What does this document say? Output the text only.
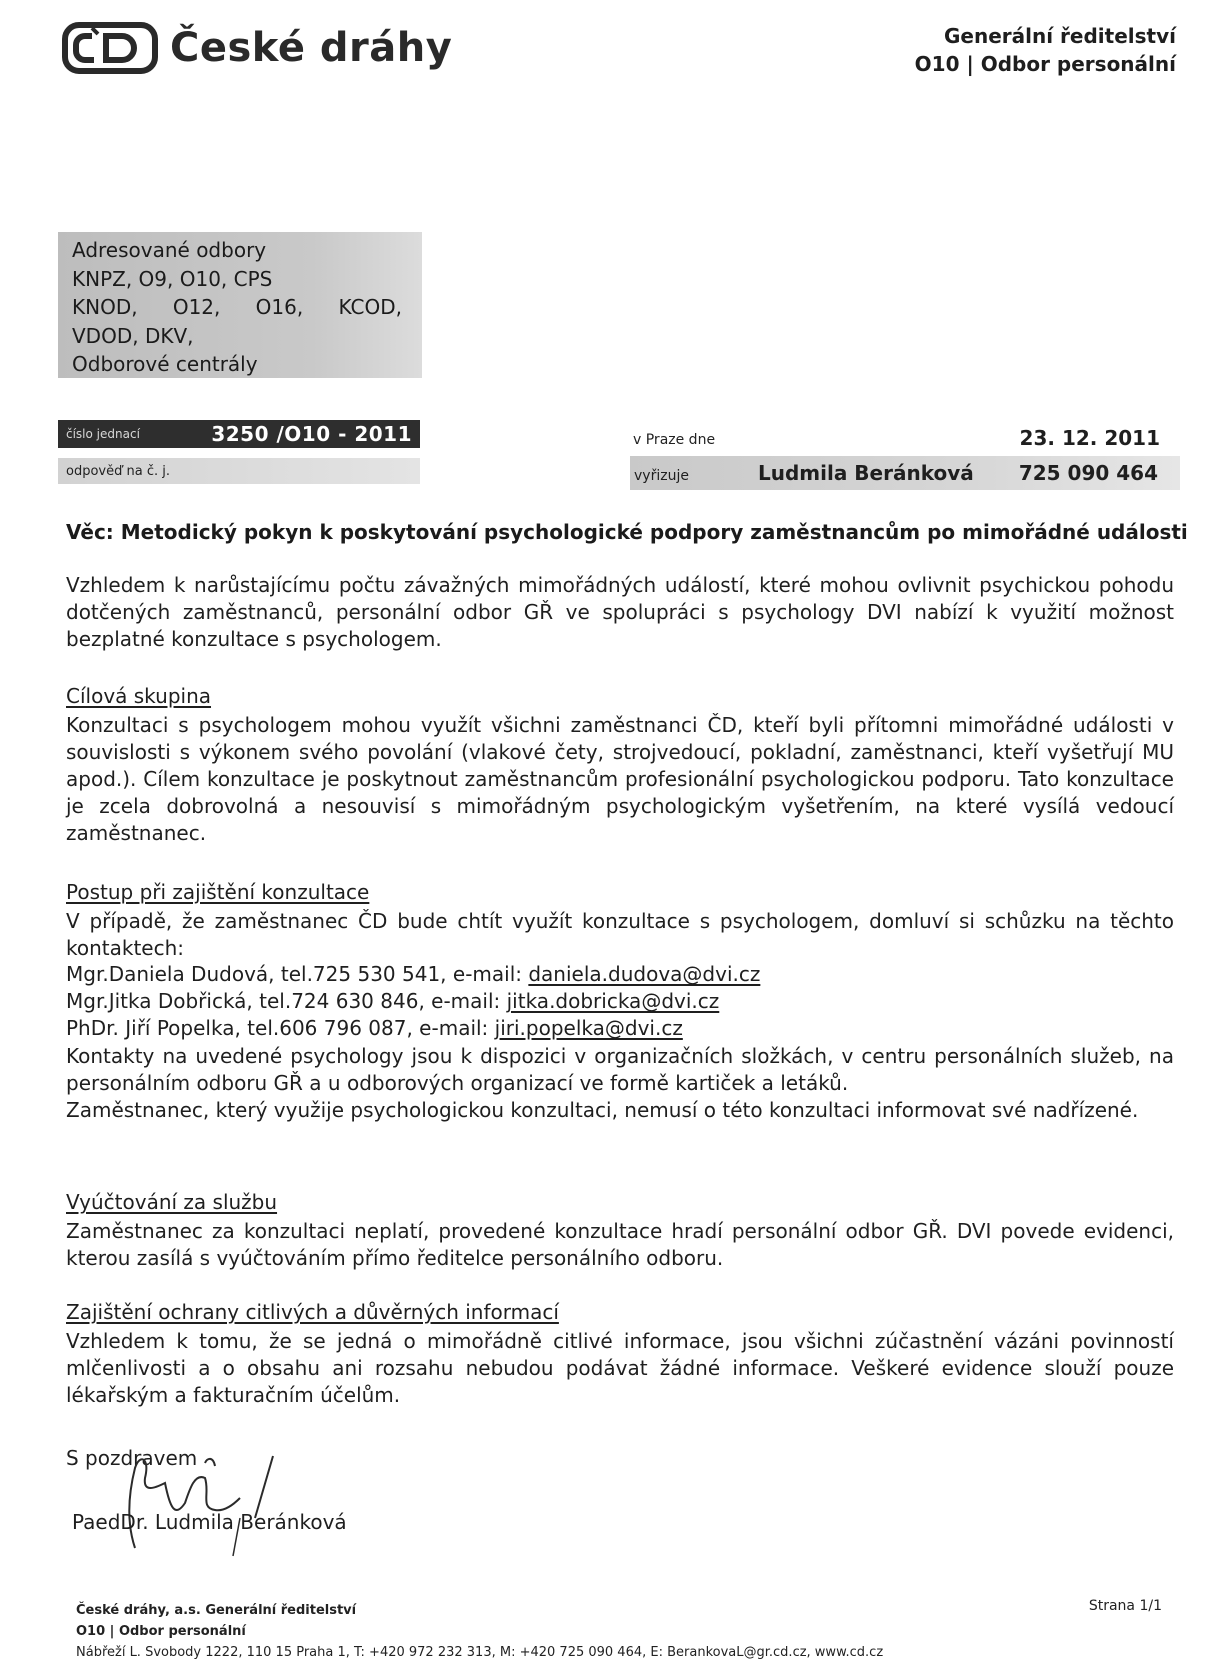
České dráhy	Generální ředitelství
O10 | Odbor personální
Adresované odbory
KNPZ, O9, O10, CPS
KNOD, O12, O16, KCOD,
VDOD, DKV,
Odborové centrály
číslo jednací	3250 /O10 - 2011
odpověď na č. j.
v Praze dne	23. 12. 2011
vyřizuje	Ludmila Beránková 725 090 464
Věc: Metodický pokyn k poskytování psychologické podpory zaměstnancům po mimořádné události
Vzhledem k narůstajícímu počtu závažných mimořádných událostí, které mohou ovlivnit psychickou pohodu dotčených zaměstnanců, personální odbor GŘ ve spolupráci s psychology DVI nabízí k využití možnost bezplatné konzultace s psychologem.
Cílová skupina
Konzultaci s psychologem mohou využít všichni zaměstnanci ČD, kteří byli přítomni mimořádné události v souvislosti s výkonem svého povolání (vlakové čety, strojvedoucí, pokladní, zaměstnanci, kteří vyšetřují MU apod.). Cílem konzultace je poskytnout zaměstnancům profesionální psychologickou podporu. Tato konzultace je zcela dobrovolná a nesouvisí s mimořádným psychologickým vyšetřením, na které vysílá vedoucí zaměstnanec.
Postup při zajištění konzultace
V případě, že zaměstnanec ČD bude chtít využít konzultace s psychologem, domluví si schůzku na těchto kontaktech:
Mgr.Daniela Dudová, tel.725 530 541, e-mail: daniela.dudova@dvi.cz
Mgr.Jitka Dobřická, tel.724 630 846, e-mail: jitka.dobricka@dvi.cz
PhDr. Jiří Popelka, tel.606 796 087, e-mail: jiri.popelka@dvi.cz
Kontakty na uvedené psychology jsou k dispozici v organizačních složkách, v centru personálních služeb, na personálním odboru GŘ a u odborových organizací ve formě kartiček a letáků.
Zaměstnanec, který využije psychologickou konzultaci, nemusí o této konzultaci informovat své nadřízené.
Vyúčtování za službu
Zaměstnanec za konzultaci neplatí, provedené konzultace hradí personální odbor GŘ. DVI povede evidenci, kterou zasílá s vyúčtováním přímo ředitelce personálního odboru.
Zajištění ochrany citlivých a důvěrných informací
Vzhledem k tomu, že se jedná o mimořádně citlivé informace, jsou všichni zúčastnění vázáni povinností mlčenlivosti a o obsahu ani rozsahu nebudou podávat žádné informace. Veškeré evidence slouží pouze lékařským a fakturačním účelům.
S pozdravem
PaedDr. Ludmila Beránková
České dráhy, a.s. Generální ředitelství
O10 | Odbor personální
Nábřeží L. Svobody 1222, 110 15 Praha 1, T: +420 972 232 313, M: +420 725 090 464, E: BerankovaL@gr.cd.cz, www.cd.cz
Strana 1/1
